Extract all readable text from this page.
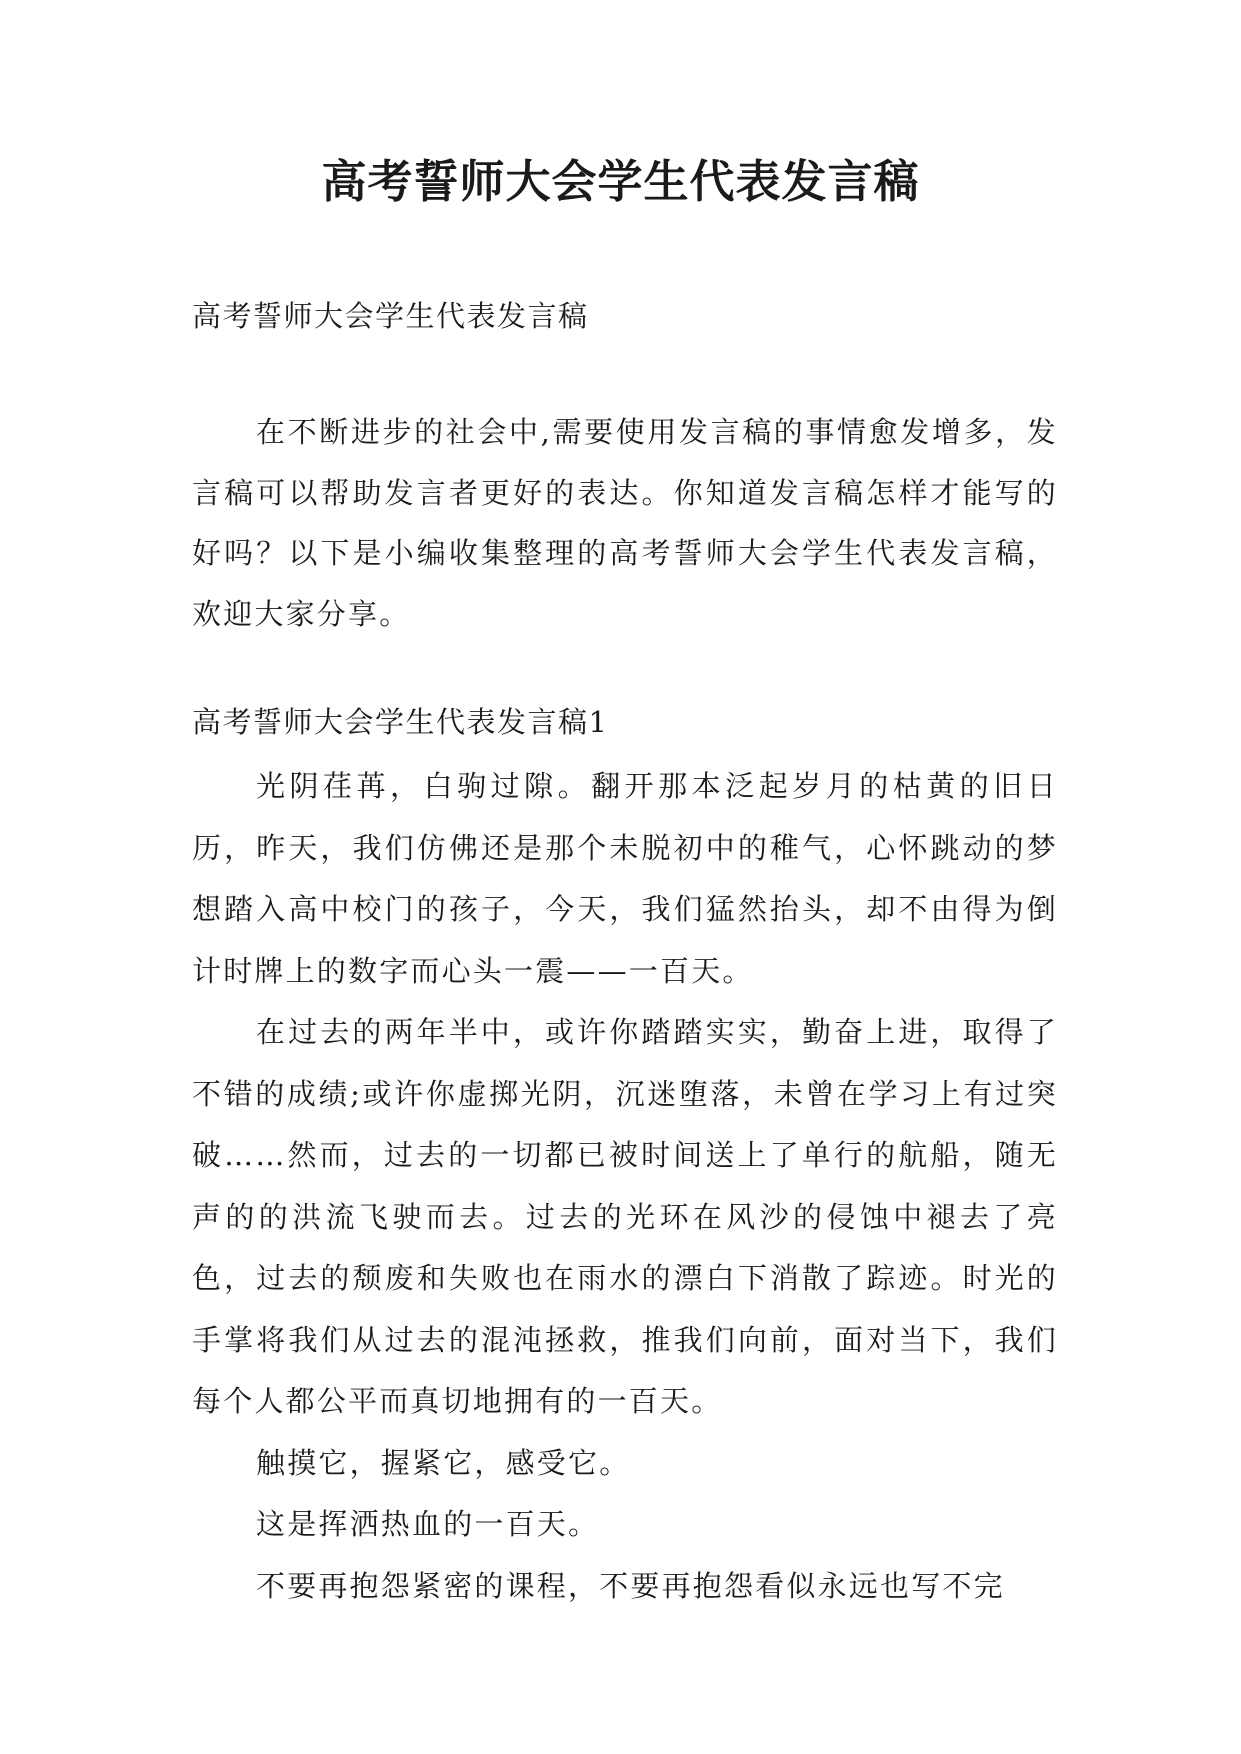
高考誓师大会学生代表发言稿

高考誓师大会学生代表发言稿

在不断进步的社会中,需要使用发言稿的事情愈发增多，发言稿可以帮助发言者更好的表达。你知道发言稿怎样才能写的好吗？以下是小编收集整理的高考誓师大会学生代表发言稿，欢迎大家分享。

高考誓师大会学生代表发言稿1

光阴荏苒，白驹过隙。翻开那本泛起岁月的枯黄的旧日历，昨天，我们仿佛还是那个未脱初中的稚气，心怀跳动的梦想踏入高中校门的孩子，今天，我们猛然抬头，却不由得为倒计时牌上的数字而心头一震——一百天。

在过去的两年半中，或许你踏踏实实，勤奋上进，取得了不错的成绩;或许你虚掷光阴，沉迷堕落，未曾在学习上有过突破……然而，过去的一切都已被时间送上了单行的航船，随无声的的洪流飞驶而去。过去的光环在风沙的侵蚀中褪去了亮色，过去的颓废和失败也在雨水的漂白下消散了踪迹。时光的手掌将我们从过去的混沌拯救，推我们向前，面对当下，我们每个人都公平而真切地拥有的一百天。

触摸它，握紧它，感受它。

这是挥洒热血的一百天。

不要再抱怨紧密的课程，不要再抱怨看似永远也写不完
